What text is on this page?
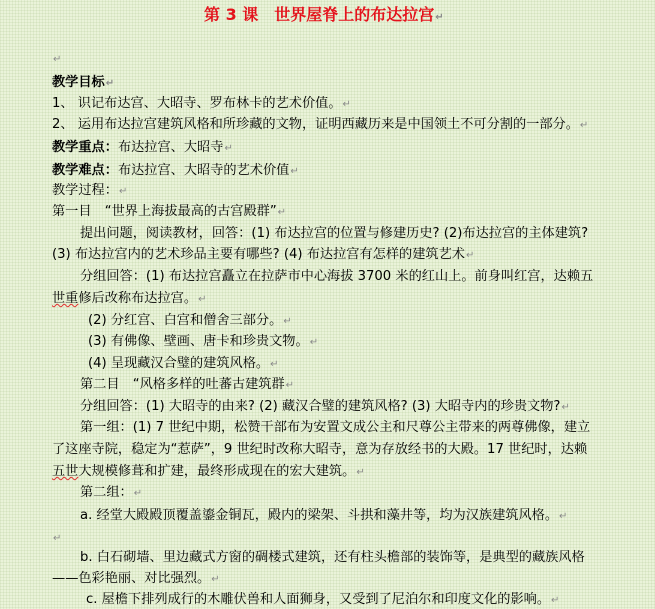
第 3 课　世界屋脊上的布达拉宫↵
↵
教学目标↵
1、 识记布达宫、大昭寺、罗布林卡的艺术价值。↵
2、 运用布达拉宫建筑风格和所珍藏的文物，证明西藏历来是中国领土不可分割的一部分。↵
教学重点：布达拉宫、大昭寺↵
教学难点：布达拉宫、大昭寺的艺术价值↵
教学过程：↵
第一目　“世界上海拔最高的古宫殿群”↵
提出问题，阅读教材，回答：(1) 布达拉宫的位置与修建历史? (2)布达拉宫的主体建筑?
(3) 布达拉宫内的艺术珍品主要有哪些? (4) 布达拉宫有怎样的建筑艺术↵
分组回答：(1) 布达拉宫矗立在拉萨市中心海拔 3700 米的红山上。前身叫红宫，达赖五
世重修后改称布达拉宫。↵
(2) 分红宫、白宫和僧舍三部分。↵
(3) 有佛像、壁画、唐卡和珍贵文物。↵
(4) 呈现藏汉合璧的建筑风格。↵
第二目　“风格多样的吐蕃古建筑群↵
分组回答：(1) 大昭寺的由来? (2) 藏汉合璧的建筑风格? (3) 大昭寺内的珍贵文物?↵
第一组：(1) 7 世纪中期，松赞干部布为安置文成公主和尺尊公主带来的两尊佛像，建立
了这座寺院，稳定为“惹萨”，9 世纪时改称大昭寺，意为存放经书的大殿。17 世纪时，达赖
五世大规模修葺和扩建，最终形成现在的宏大建筑。↵
第二组：↵
a. 经堂大殿殿顶覆盖鎏金铜瓦，殿内的梁架、斗拱和藻井等，均为汉族建筑风格。↵
↵
b. 白石砌墙、里边藏式方窗的碉楼式建筑，还有柱头檐部的装饰等，是典型的藏族风格
——色彩艳丽、对比强烈。↵
c. 屋檐下排列成行的木雕伏兽和人面狮身，又受到了尼泊尔和印度文化的影响。↵
